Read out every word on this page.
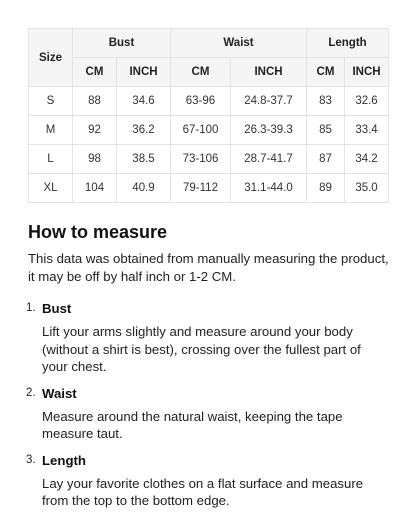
Size	Bust		Waist		Length	
	CM	INCH	CM	INCH	CM	INCH
S	88	34.6	63-96	24.8-37.7	83	32.6
M	92	36.2	67-100	26.3-39.3	85	33.4
L	98	38.5	73-106	28.7-41.7	87	34.2
XL	104	40.9	79-112	31.1-44.0	89	35.0
How to measure

This data was obtained from manually measuring the product, it may be off by half inch or 1-2 CM.

1. Bust

Lift your arms slightly and measure around your body (without a shirt is best), crossing over the fullest part of your chest.

2. Waist

Measure around the natural waist, keeping the tape measure taut.

3. Length

Lay your favorite clothes on a flat surface and measure from the top to the bottom edge.
